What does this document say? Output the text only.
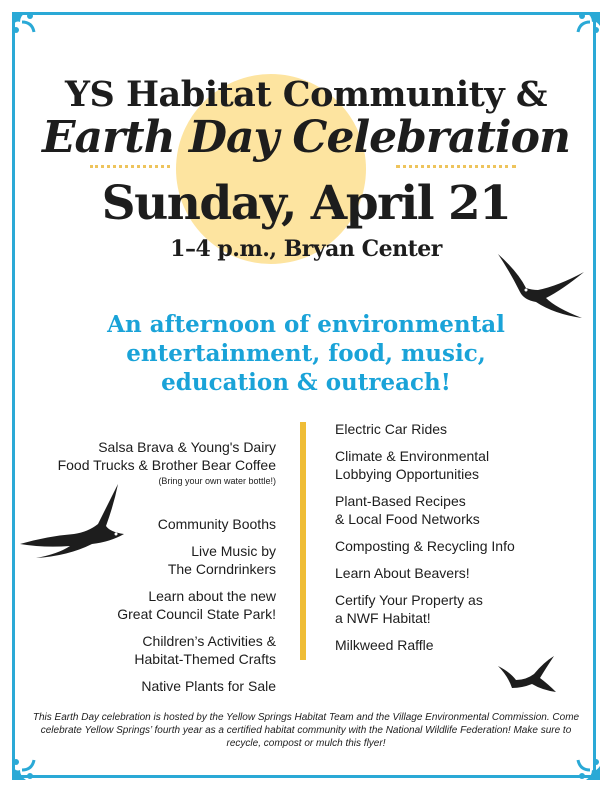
YS Habitat Community &
Earth Day Celebration
Sunday, April 21
1–4 p.m., Bryan Center
An afternoon of environmental
entertainment, food, music,
education & outreach!

Salsa Brava & Young's Dairy
Food Trucks & Brother Bear Coffee

(Bring your own water bottle!)

Community Booths
Live Music by
The Corndrinkers
Learn about the new
Great Council State Park!
Children’s Activities &
Habitat-Themed Crafts
Native Plants for Sale
Electric Car Rides
Climate & Environmental
Lobbying Opportunities
Plant-Based Recipes
& Local Food Networks
Composting & Recycling Info
Learn About Beavers!
Certify Your Property as
a NWF Habitat!
Milkweed Raffle
This Earth Day celebration is hosted by the Yellow Springs Habitat Team and the Village Environmental Commission. Come celebrate Yellow Springs’ fourth year as a certified habitat community with the National Wildlife Federation! Make sure to recycle, compost or mulch this flyer!
